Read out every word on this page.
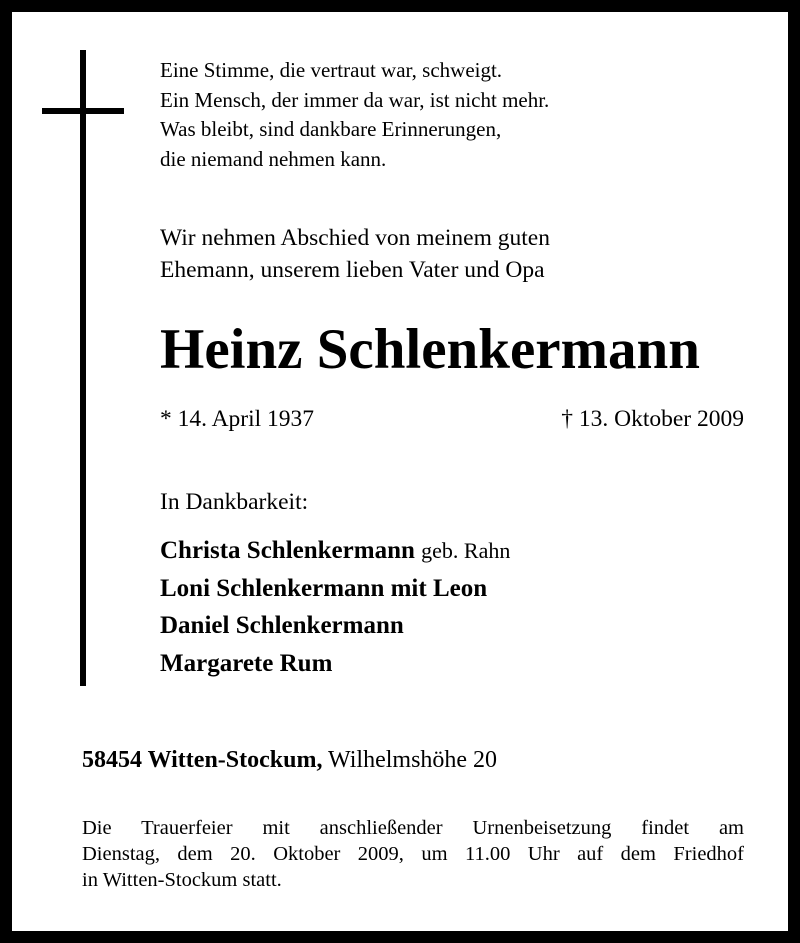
Eine Stimme, die vertraut war, schweigt.
Ein Mensch, der immer da war, ist nicht mehr.
Was bleibt, sind dankbare Erinnerungen,
die niemand nehmen kann.
Wir nehmen Abschied von meinem guten
Ehemann, unserem lieben Vater und Opa
Heinz Schlenkermann
* 14. April 1937	† 13. Oktober 2009
In Dankbarkeit:
Christa Schlenkermann geb. Rahn
Loni Schlenkermann mit Leon
Daniel Schlenkermann
Margarete Rum
58454 Witten-Stockum, Wilhelmshöhe 20
Die Trauerfeier mit anschließender Urnenbeisetzung findet am
Dienstag, dem 20. Oktober 2009, um 11.00 Uhr auf dem Friedhof
in Witten-Stockum statt.
